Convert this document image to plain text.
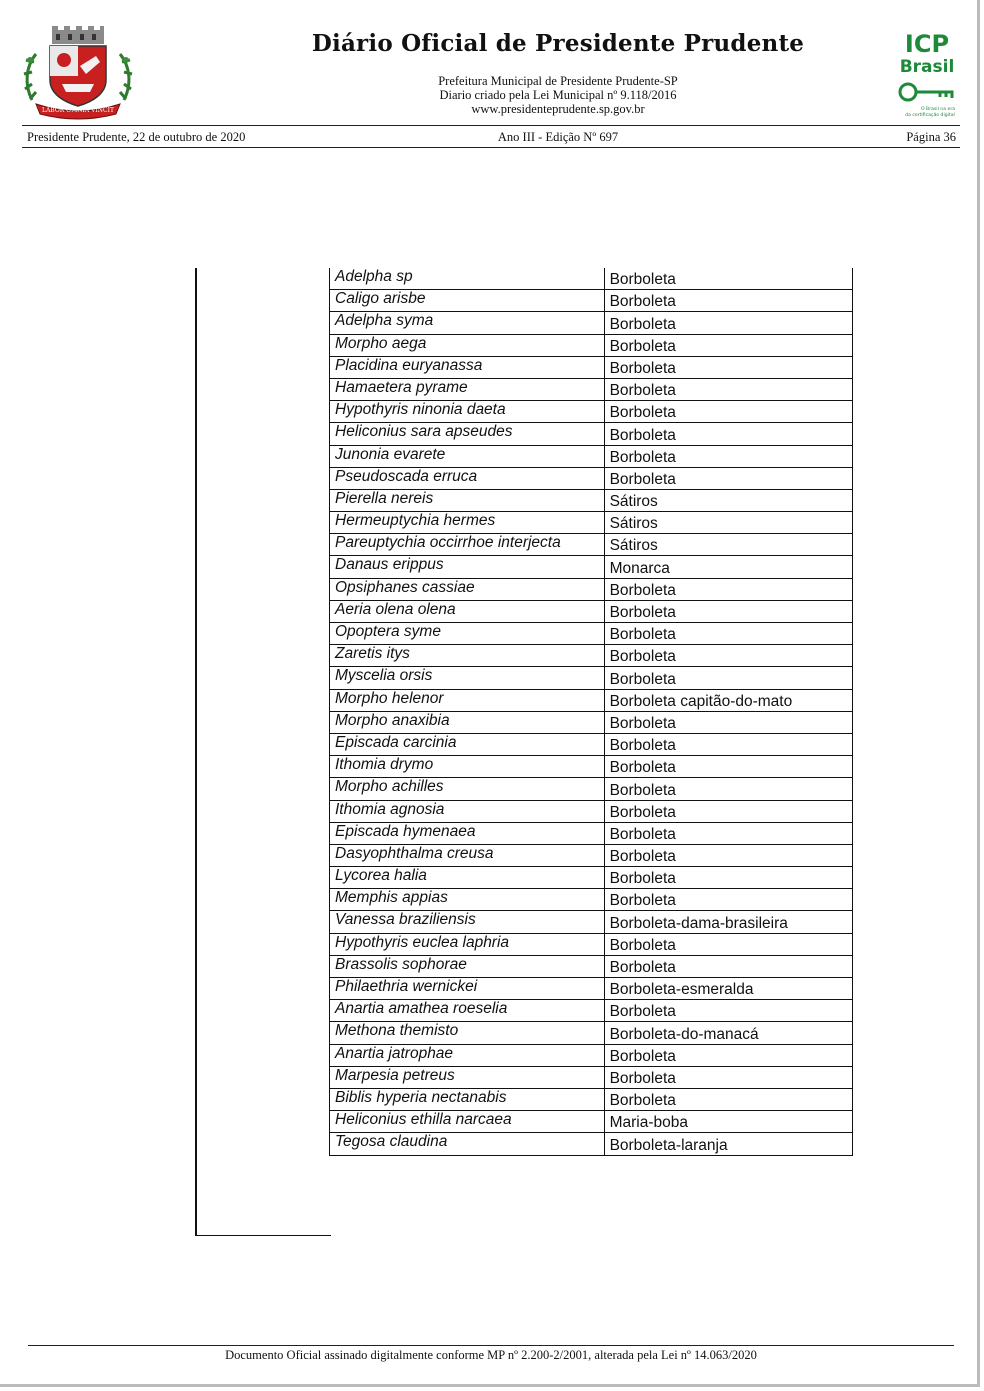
LABOR OMNIA VINCIT
Diário Oficial de Presidente Prudente
Prefeitura Municipal de Presidente Prudente-SP
Diario criado pela Lei Municipal nº 9.118/2016
www.presidenteprudente.sp.gov.br
ICP
Brasil
O Brasil na era
da certificação digital
Presidente Prudente, 22 de outubro de 2020	Ano III - Edição Nº 697	Página 36
Adelpha sp	Borboleta
Caligo arisbe	Borboleta
Adelpha syma	Borboleta
Morpho aega	Borboleta
Placidina euryanassa	Borboleta
Hamaetera pyrame	Borboleta
Hypothyris ninonia daeta	Borboleta
Heliconius sara apseudes	Borboleta
Junonia evarete	Borboleta
Pseudoscada erruca	Borboleta
Pierella nereis	Sátiros
Hermeuptychia hermes	Sátiros
Pareuptychia occirrhoe interjecta	Sátiros
Danaus erippus	Monarca
Opsiphanes cassiae	Borboleta
Aeria olena olena	Borboleta
Opoptera syme	Borboleta
Zaretis itys	Borboleta
Myscelia orsis	Borboleta
Morpho helenor	Borboleta capitão-do-mato
Morpho anaxibia	Borboleta
Episcada carcinia	Borboleta
Ithomia drymo	Borboleta
Morpho achilles	Borboleta
Ithomia agnosia	Borboleta
Episcada hymenaea	Borboleta
Dasyophthalma creusa	Borboleta
Lycorea halia	Borboleta
Memphis appias	Borboleta
Vanessa braziliensis	Borboleta-dama-brasileira
Hypothyris euclea laphria	Borboleta
Brassolis sophorae	Borboleta
Philaethria wernickei	Borboleta-esmeralda
Anartia amathea roeselia	Borboleta
Methona themisto	Borboleta-do-manacá
Anartia jatrophae	Borboleta
Marpesia petreus	Borboleta
Biblis hyperia nectanabis	Borboleta
Heliconius ethilla narcaea	Maria-boba
Tegosa claudina	Borboleta-laranja
Documento Oficial assinado digitalmente conforme MP nº 2.200-2/2001, alterada pela Lei nº 14.063/2020
